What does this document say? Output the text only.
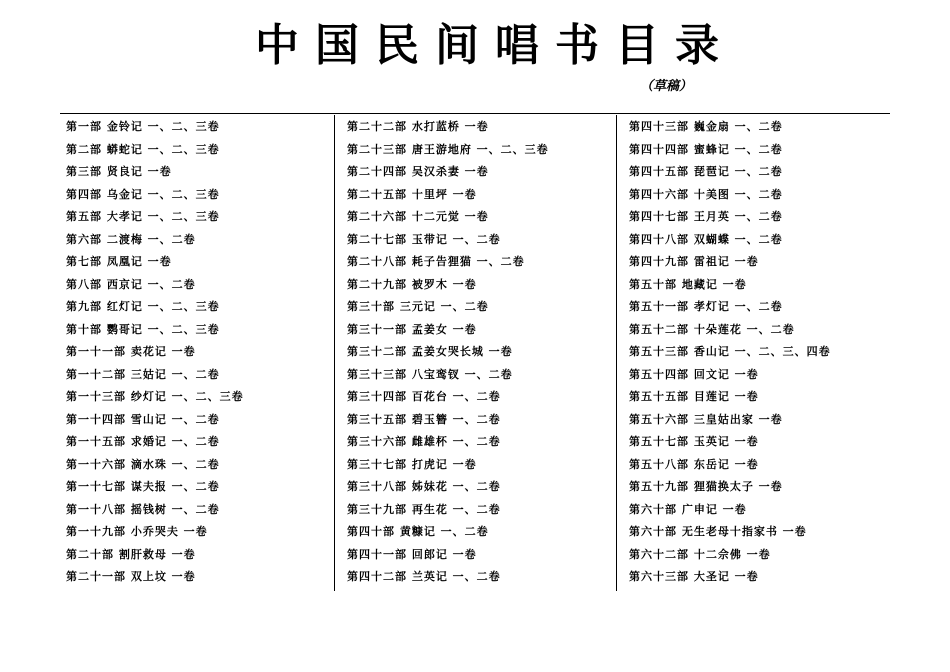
中国民间唱书目录
（草稿）
第一部 金铃记 一、二、三卷
第二部 蟒蛇记 一、二、三卷
第三部 贤良记 一卷
第四部 乌金记 一、二、三卷
第五部 大孝记 一、二、三卷
第六部 二渡梅 一、二卷
第七部 凤凰记 一卷
第八部 西京记 一、二卷
第九部 红灯记 一、二、三卷
第十部 鹦哥记 一、二、三卷
第一十一部 卖花记 一卷
第一十二部 三姑记 一、二卷
第一十三部 纱灯记 一、二、三卷
第一十四部 雪山记 一、二卷
第一十五部 求婚记 一、二卷
第一十六部 滴水珠 一、二卷
第一十七部 谋夫报 一、二卷
第一十八部 摇钱树 一、二卷
第一十九部 小乔哭夫 一卷
第二十部 割肝救母 一卷
第二十一部 双上坟 一卷
第二十二部 水打蓝桥 一卷
第二十三部 唐王游地府 一、二、三卷
第二十四部 吴汉杀妻 一卷
第二十五部 十里坪 一卷
第二十六部 十二元觉 一卷
第二十七部 玉带记 一、二卷
第二十八部 耗子告狸猫 一、二卷
第二十九部 被罗木 一卷
第三十部 三元记 一、二卷
第三十一部 孟姜女 一卷
第三十二部 孟姜女哭长城 一卷
第三十三部 八宝鸾钗 一、二卷
第三十四部 百花台 一、二卷
第三十五部 碧玉簪 一、二卷
第三十六部 雌雄杯 一、二卷
第三十七部 打虎记 一卷
第三十八部 姊妹花 一、二卷
第三十九部 再生花 一、二卷
第四十部 黄糠记 一、二卷
第四十一部 回郎记 一卷
第四十二部 兰英记 一、二卷
第四十三部 巍金扇 一、二卷
第四十四部 蜜蜂记 一、二卷
第四十五部 琵琶记 一、二卷
第四十六部 十美图 一、二卷
第四十七部 王月英 一、二卷
第四十八部 双蝴蝶 一、二卷
第四十九部 雷祖记 一卷
第五十部 地藏记 一卷
第五十一部 孝灯记 一、二卷
第五十二部 十朵莲花 一、二卷
第五十三部 香山记 一、二、三、四卷
第五十四部 回文记 一卷
第五十五部 目莲记 一卷
第五十六部 三皇姑出家 一卷
第五十七部 玉英记 一卷
第五十八部 东岳记 一卷
第五十九部 狸猫换太子 一卷
第六十部 广申记 一卷
第六十部 无生老母十指家书 一卷
第六十二部 十二佘佛 一卷
第六十三部 大圣记 一卷
